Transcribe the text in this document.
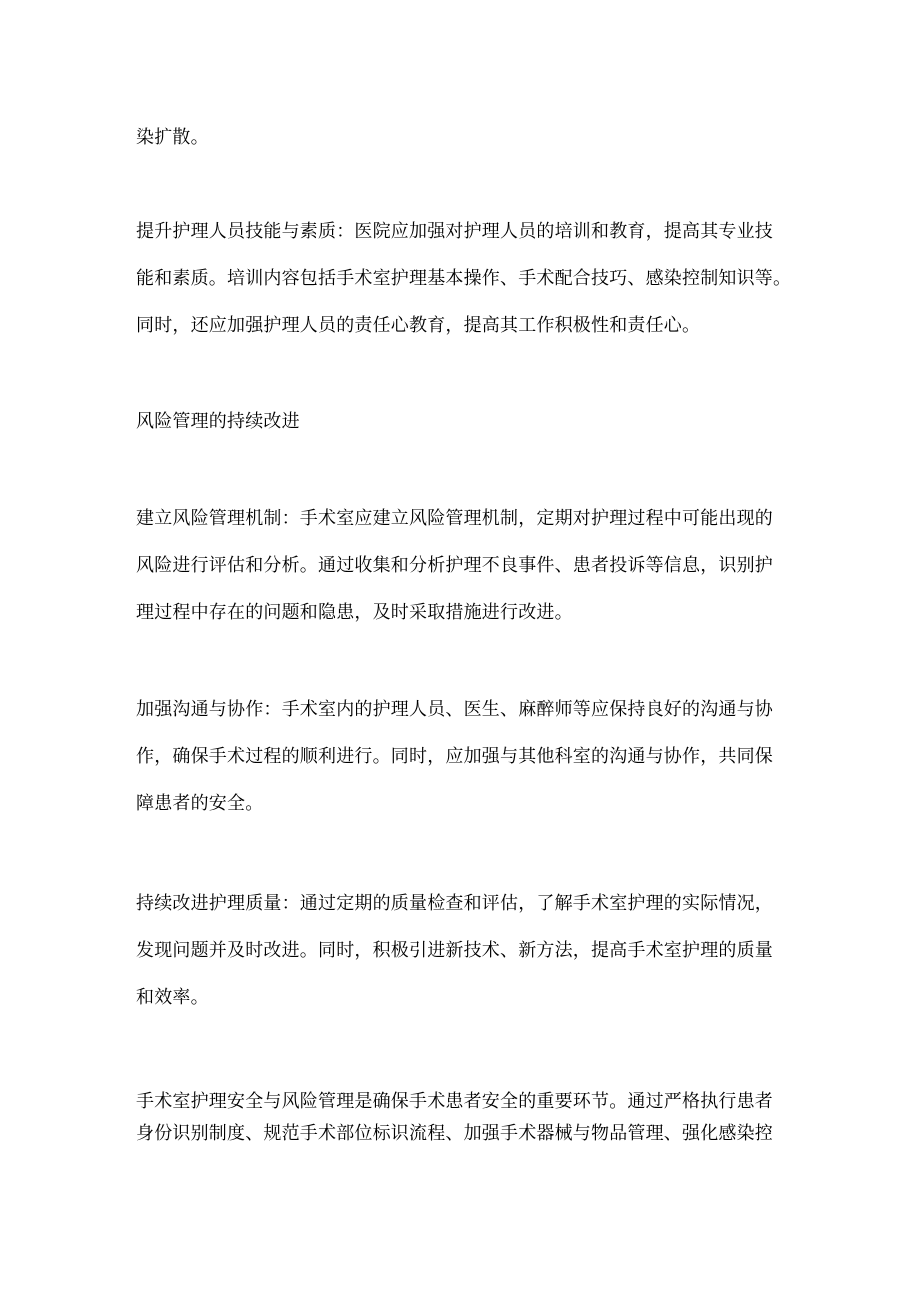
染扩散。

提升护理人员技能与素质：医院应加强对护理人员的培训和教育，提高其专业技
能和素质。培训内容包括手术室护理基本操作、手术配合技巧、感染控制知识等。
同时，还应加强护理人员的责任心教育，提高其工作积极性和责任心。

风险管理的持续改进

建立风险管理机制：手术室应建立风险管理机制，定期对护理过程中可能出现的
风险进行评估和分析。通过收集和分析护理不良事件、患者投诉等信息，识别护
理过程中存在的问题和隐患，及时采取措施进行改进。

加强沟通与协作：手术室内的护理人员、医生、麻醉师等应保持良好的沟通与协
作，确保手术过程的顺利进行。同时，应加强与其他科室的沟通与协作，共同保
障患者的安全。

持续改进护理质量：通过定期的质量检查和评估，了解手术室护理的实际情况，
发现问题并及时改进。同时，积极引进新技术、新方法，提高手术室护理的质量
和效率。

手术室护理安全与风险管理是确保手术患者安全的重要环节。通过严格执行患者
身份识别制度、规范手术部位标识流程、加强手术器械与物品管理、强化感染控
